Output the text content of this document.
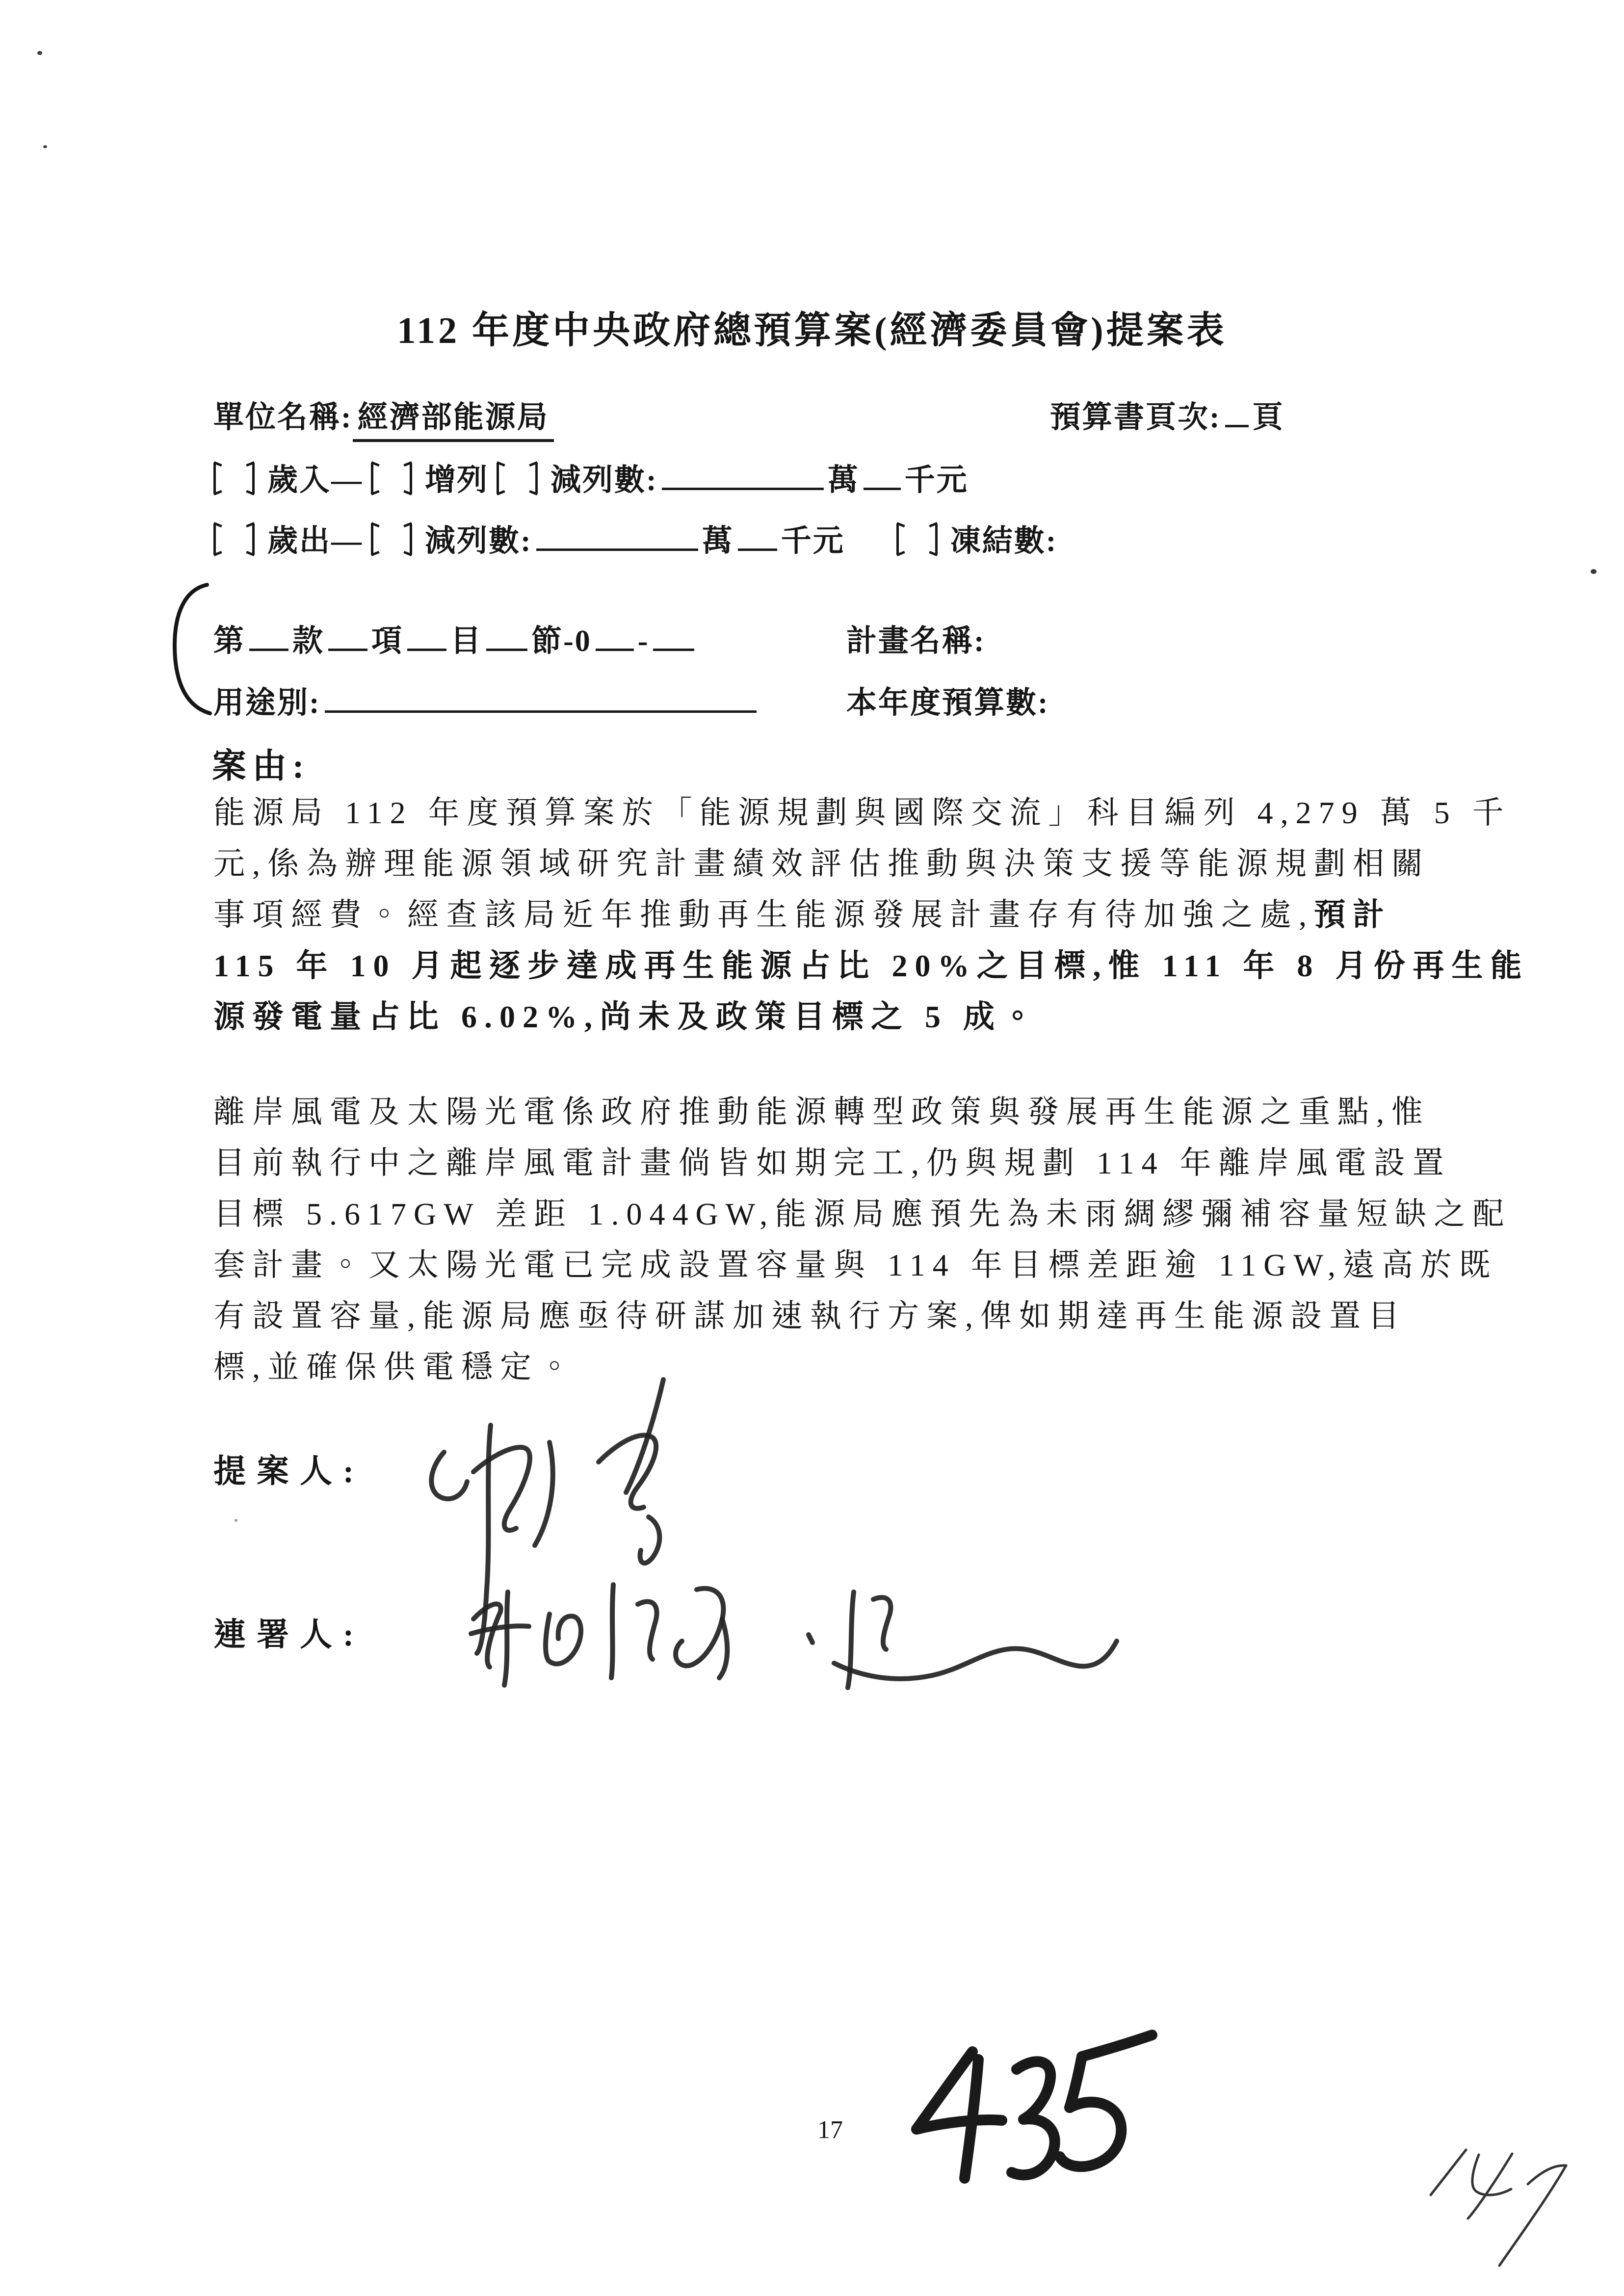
112 年度中央政府總預算案(經濟委員會)提案表
單位名稱: 經濟部能源局	預算書頁次: 頁
歲入— 增列 減列數:	萬 千元
歲出— 減列數:	萬 千元	凍結數:
第 款 項 目 節-0 -	計畫名稱:
用途別:	本年度預算數:
案由:
能源局 112 年度預算案於「能源規劃與國際交流」科目編列 4,279 萬 5 千
元,係為辦理能源領域研究計畫績效評估推動與決策支援等能源規劃相關
事項經費。經查該局近年推動再生能源發展計畫存有待加強之處,預計
115 年 10 月起逐步達成再生能源占比 20%之目標,惟 111 年 8 月份再生能
源發電量占比 6.02%,尚未及政策目標之 5 成。
離岸風電及太陽光電係政府推動能源轉型政策與發展再生能源之重點,惟
目前執行中之離岸風電計畫倘皆如期完工,仍與規劃 114 年離岸風電設置
目標 5.617GW 差距 1.044GW,能源局應預先為未雨綢繆彌補容量短缺之配
套計畫。又太陽光電已完成設置容量與 114 年目標差距逾 11GW,遠高於既
有設置容量,能源局應亟待研謀加速執行方案,俾如期達再生能源設置目
標,並確保供電穩定。
提案人:
連署人:
17
